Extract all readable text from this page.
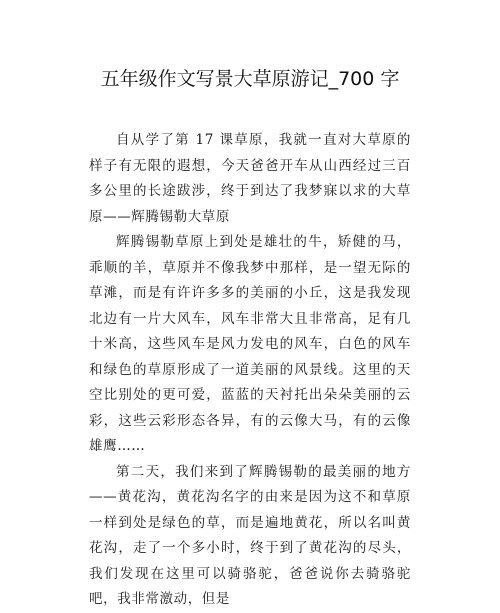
五年级作文写景大草原游记_700 字

自从学了第 17 课草原，我就一直对大草原的样子有无限的遐想，今天爸爸开车从山西经过三百多公里的长途跋涉，终于到达了我梦寐以求的大草原——辉腾锡勒大草原

辉腾锡勒草原上到处是雄壮的牛，矫健的马，乖顺的羊，草原并不像我梦中那样，是一望无际的草滩，而是有许许多多的美丽的小丘，这是我发现北边有一片大风车，风车非常大且非常高，足有几十米高，这些风车是风力发电的风车，白色的风车和绿色的草原形成了一道美丽的风景线。这里的天空比别处的更可爱，蓝蓝的天衬托出朵朵美丽的云彩，这些云彩形态各异，有的云像大马，有的云像雄鹰……

第二天，我们来到了辉腾锡勒的最美丽的地方——黄花沟，黄花沟名字的由来是因为这不和草原一样到处是绿色的草，而是遍地黄花，所以名叫黄花沟，走了一个多小时，终于到了黄花沟的尽头，我们发现在这里可以骑骆驼，爸爸说你去骑骆驼吧，我非常激动，但是
